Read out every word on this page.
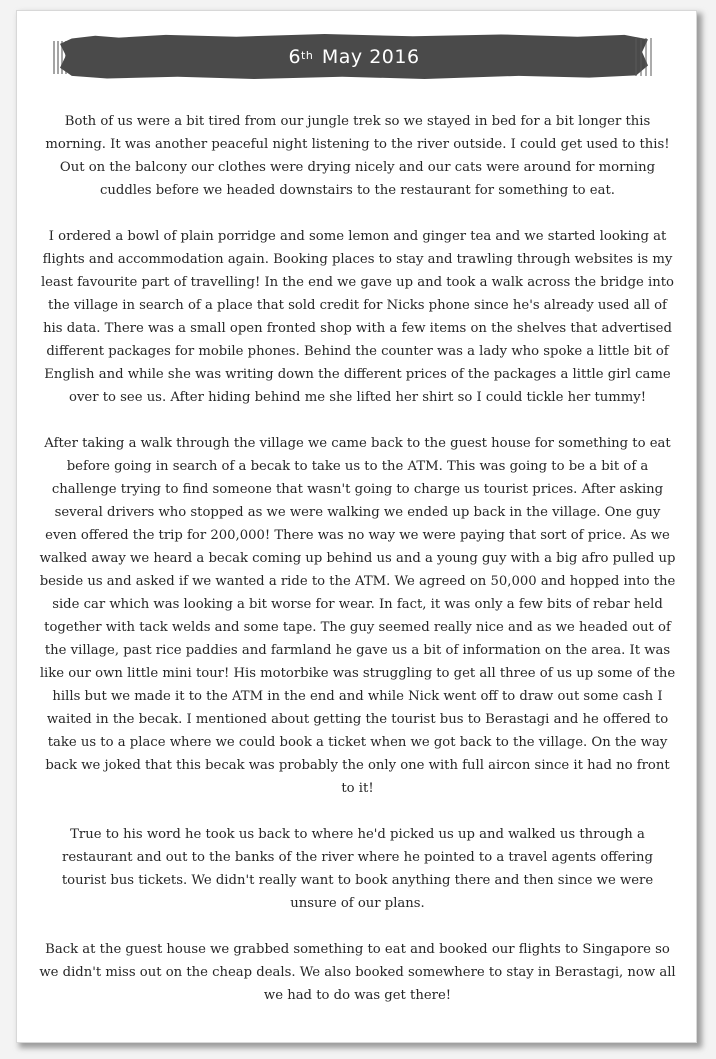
6th
May 2016

Both of us were a bit tired from our jungle trek so we stayed in bed for a bit longer this morning. It was another peaceful night listening to the river outside. I could get used to this! Out on the balcony our clothes were drying nicely and our cats were around for morning cuddles before we headed downstairs to the restaurant for something to eat.

I ordered a bowl of plain porridge and some lemon and ginger tea and we started looking at flights and accommodation again. Booking places to stay and trawling through websites is my least favourite part of travelling! In the end we gave up and took a walk across the bridge into the village in search of a place that sold credit for Nicks phone since he's already used all of his data. There was a small open fronted shop with a few items on the shelves that advertised different packages for mobile phones. Behind the counter was a lady who spoke a little bit of English and while she was writing down the different prices of the packages a little girl came over to see us. After hiding behind me she lifted her shirt so I could tickle her tummy!

After taking a walk through the village we came back to the guest house for something to eat before going in search of a becak to take us to the ATM. This was going to be a bit of a challenge trying to find someone that wasn't going to charge us tourist prices. After asking several drivers who stopped as we were walking we ended up back in the village. One guy even offered the trip for 200,000! There was no way we were paying that sort of price. As we walked away we heard a becak coming up behind us and a young guy with a big afro pulled up beside us and asked if we wanted a ride to the ATM. We agreed on 50,000 and hopped into the side car which was looking a bit worse for wear. In fact, it was only a few bits of rebar held together with tack welds and some tape. The guy seemed really nice and as we headed out of the village, past rice paddies and farmland he gave us a bit of information on the area. It was like our own little mini tour! His motorbike was struggling to get all three of us up some of the hills but we made it to the ATM in the end and while Nick went off to draw out some cash I waited in the becak. I mentioned about getting the tourist bus to Berastagi and he offered to take us to a place where we could book a ticket when we got back to the village. On the way back we joked that this becak was probably the only one with full aircon since it had no front to it!

True to his word he took us back to where he'd picked us up and walked us through a restaurant and out to the banks of the river where he pointed to a travel agents offering tourist bus tickets. We didn't really want to book anything there and then since we were unsure of our plans.

Back at the guest house we grabbed something to eat and booked our flights to Singapore so we didn't miss out on the cheap deals. We also booked somewhere to stay in Berastagi, now all we had to do was get there!
